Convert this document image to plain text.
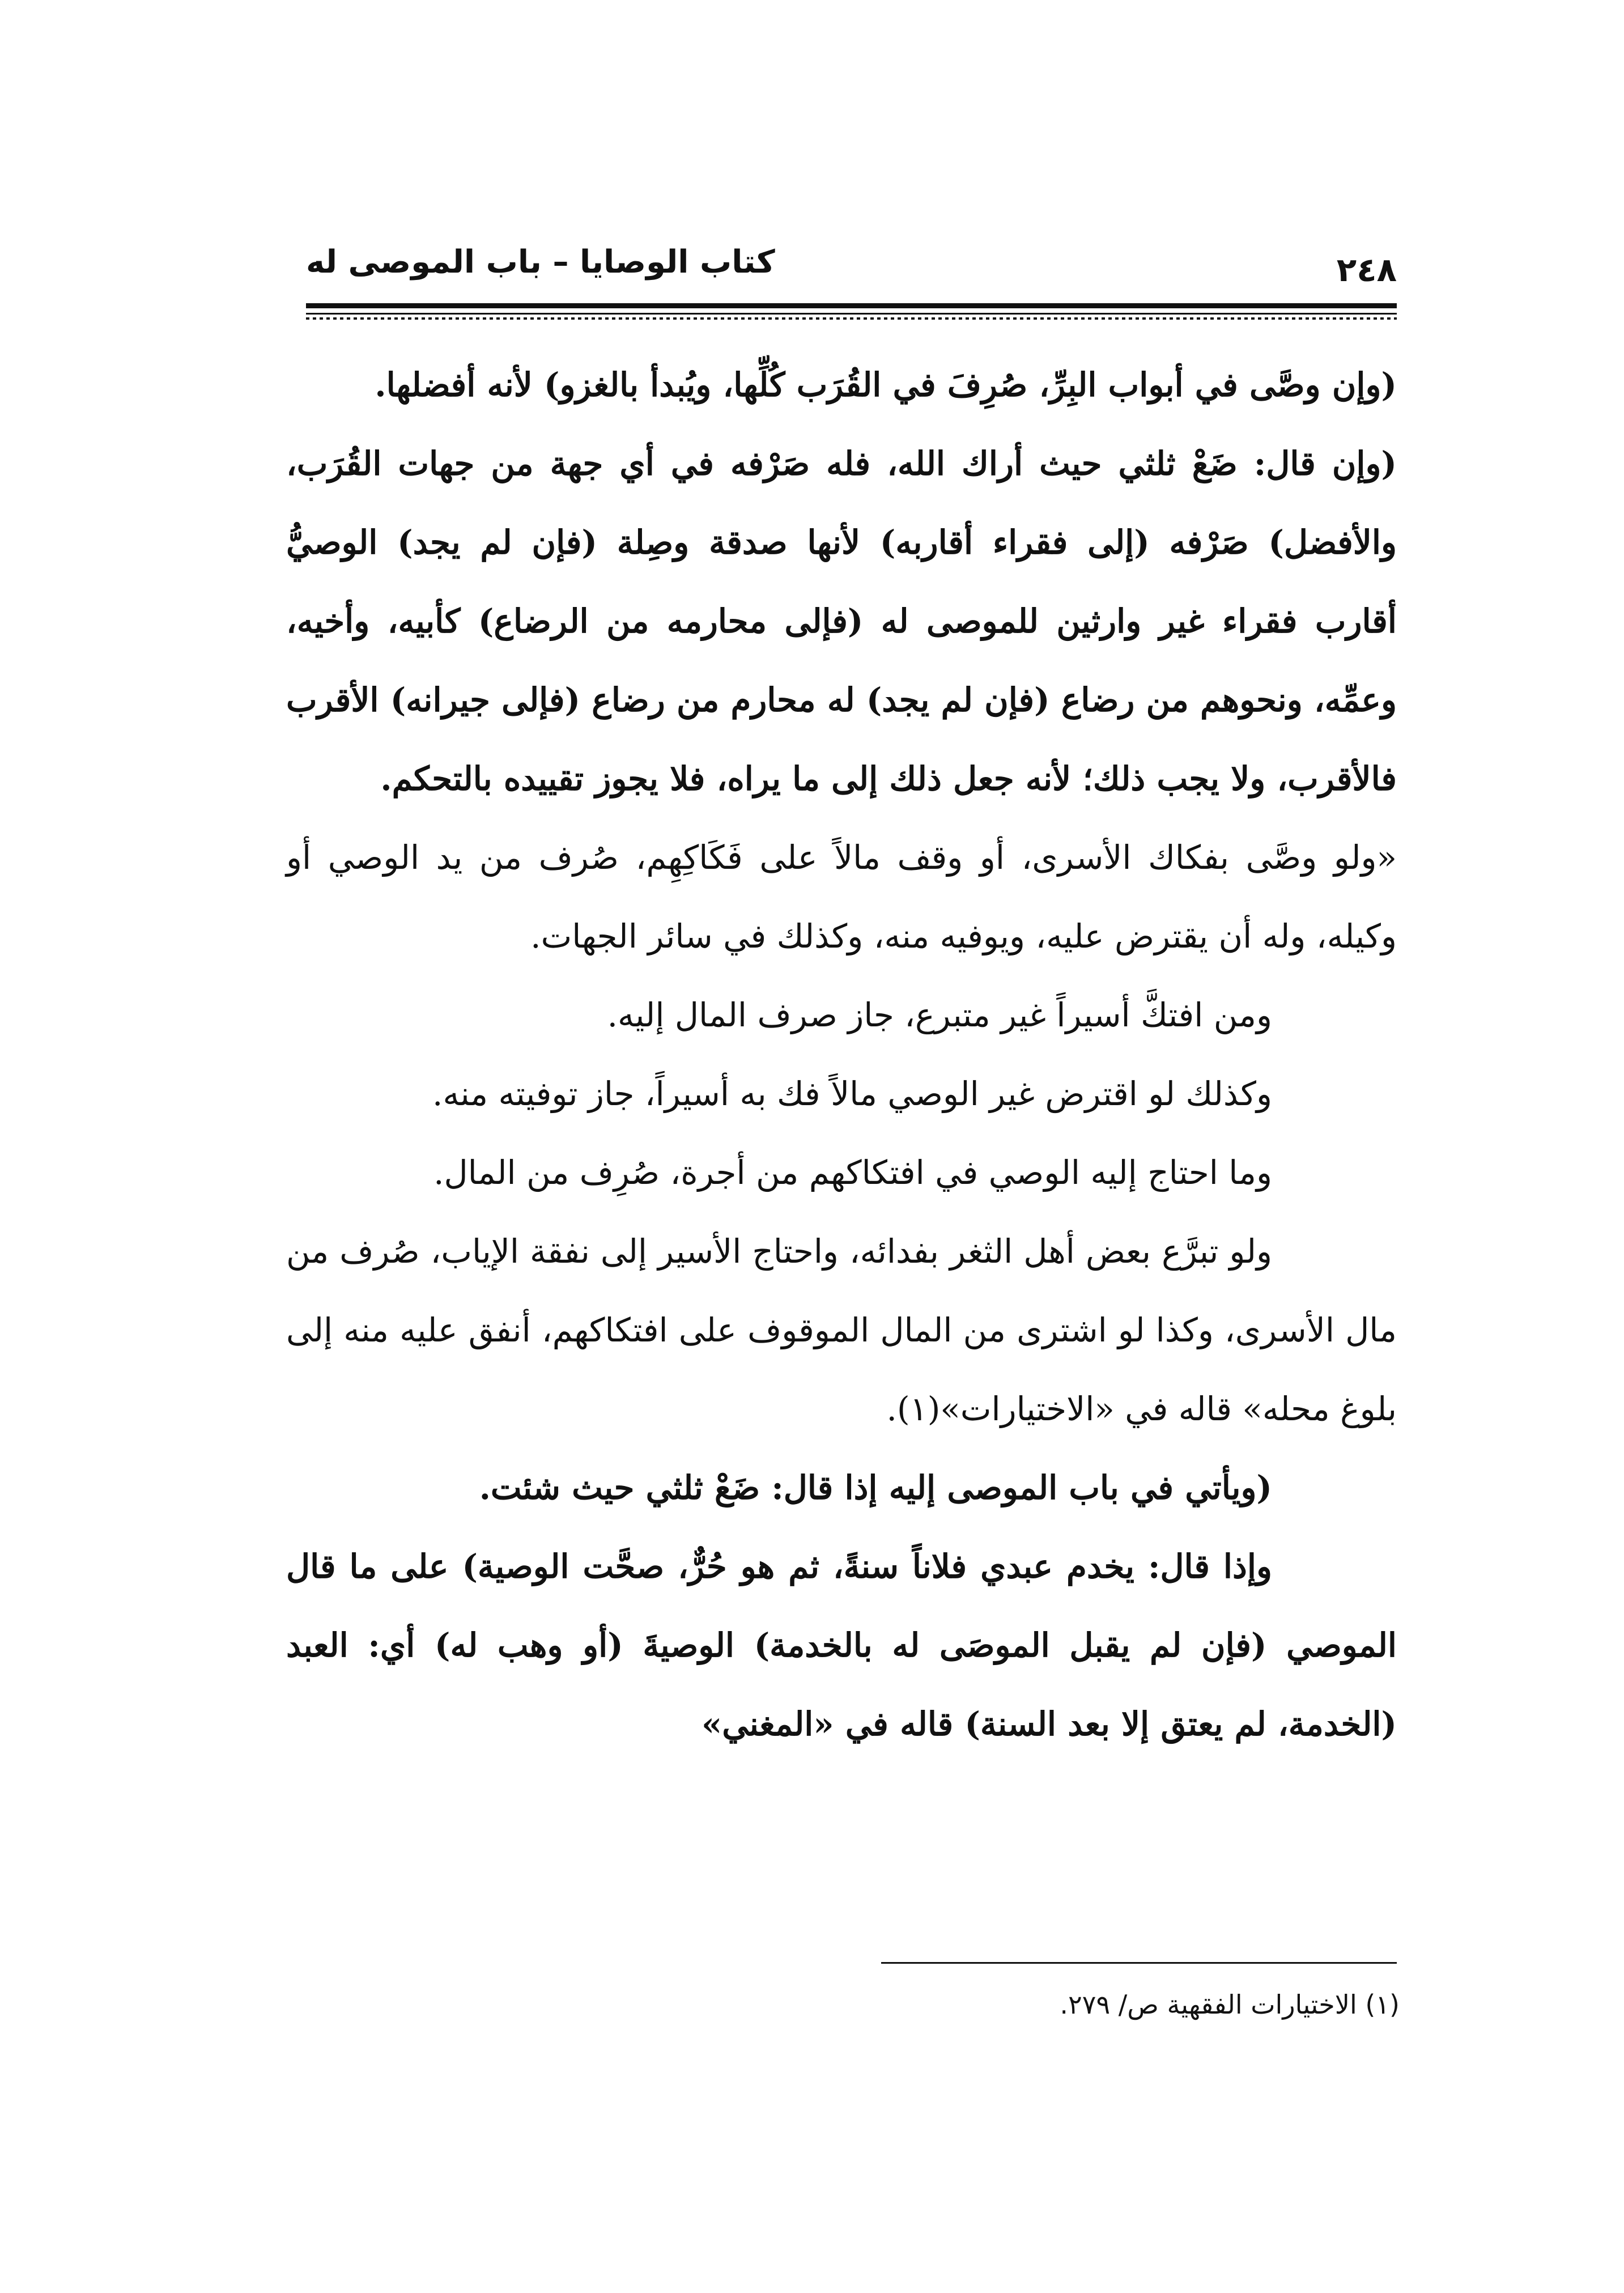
كتاب الوصايا – باب الموصى له	٢٤٨

(وإن وصَّى في أبواب البِرِّ، صُرِفَ في القُرَب كُلِّها، ويُبدأ بالغزو) لأنه أفضلها.

(وإن قال: ضَعْ ثلثي حيث أراك الله، فله صَرْفه في أي جهة من جهات القُرَب، والأفضل) صَرْفه (إلى فقراء أقاربه) لأنها صدقة وصِلة (فإن لم يجد) الوصيُّ أقارب فقراء غير وارثين للموصى له (فإلى محارمه من الرضاع) كأبيه، وأخيه، وعمِّه، ونحوهم من رضاع (فإن لم يجد) له محارم من رضاع (فإلى جيرانه) الأقرب فالأقرب، ولا يجب ذلك؛ لأنه جعل ذلك إلى ما يراه، فلا يجوز تقييده بالتحكم.

«ولو وصَّى بفكاك الأسرى، أو وقف مالاً على فَكَاكِهِم، صُرف من يد الوصي أو وكيله، وله أن يقترض عليه، ويوفيه منه، وكذلك في سائر الجهات.

ومن افتكَّ أسيراً غير متبرع، جاز صرف المال إليه.

وكذلك لو اقترض غير الوصي مالاً فك به أسيراً، جاز توفيته منه.

وما احتاج إليه الوصي في افتكاكهم من أجرة، صُرِف من المال.

ولو تبرَّع بعض أهل الثغر بفدائه، واحتاج الأسير إلى نفقة الإياب، صُرف من مال الأسرى، وكذا لو اشترى من المال الموقوف على افتكاكهم، أنفق عليه منه إلى بلوغ محله» قاله في «الاختيارات»(١).

(ويأتي في باب الموصى إليه إذا قال: ضَعْ ثلثي حيث شئت.

وإذا قال: يخدم عبدي فلاناً سنةً، ثم هو حُرٌّ، صحَّت الوصية) على ما قال الموصي (فإن لم يقبل الموصَى له بالخدمة) الوصيةَ (أو وهب له) أي: العبد (الخدمة، لم يعتق إلا بعد السنة) قاله في «المغني»

(١) الاختيارات الفقهية ص/ ٢٧٩.
